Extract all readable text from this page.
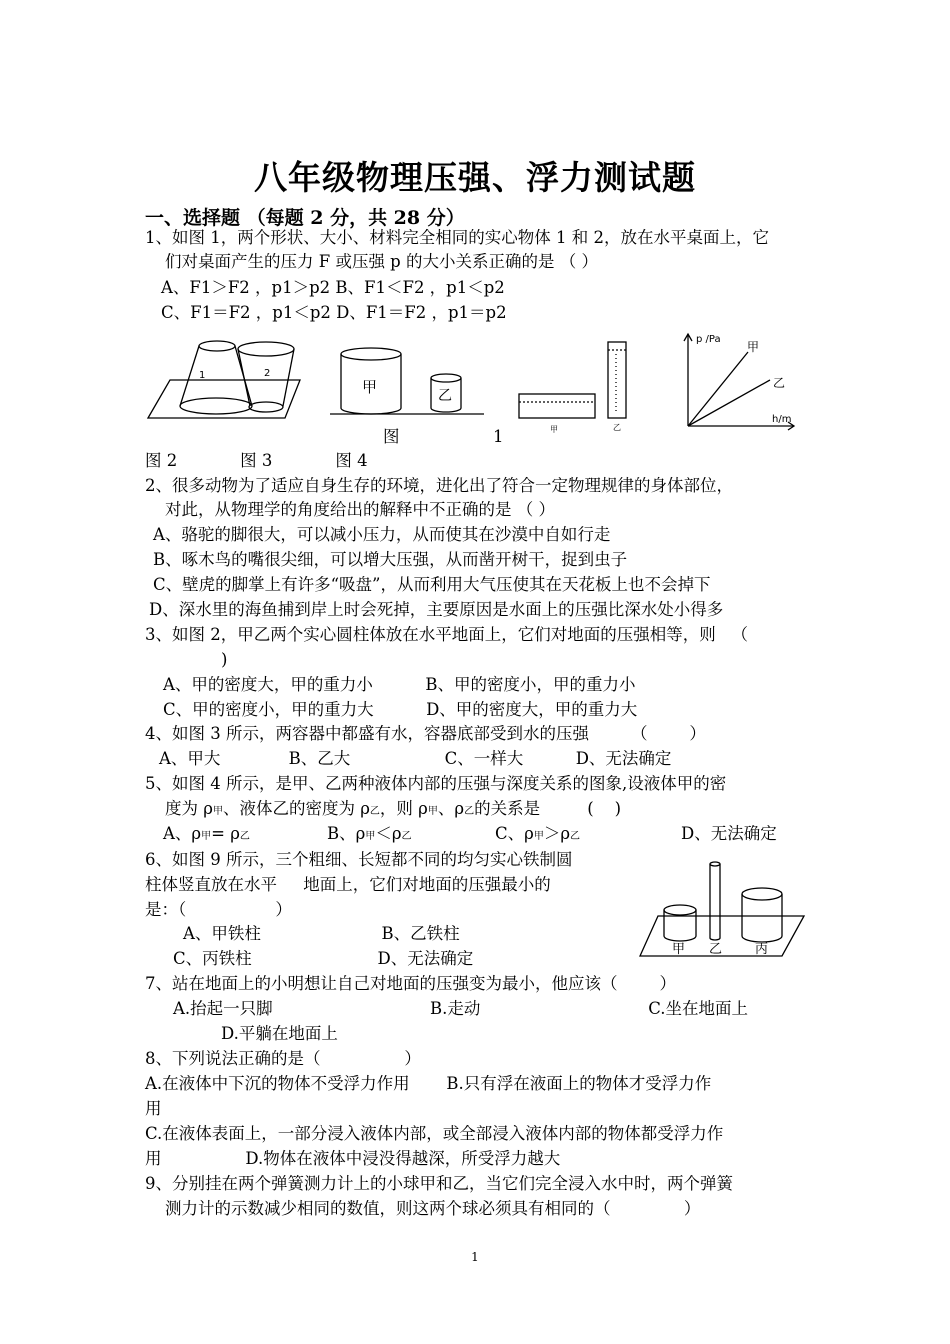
八年级物理压强、浮力测试题
一、选择题 （每题 2 分，共 28 分）
1、如图 1，两个形状、大小、材料完全相同的实心物体 1 和 2，放在水平桌面上，它
们对桌面产生的压力 F 或压强 p 的大小关系正确的是 （ ）
A、F1＞F2 ，p1＞p2 B、F1＜F2 ，p1＜p2
C、F1＝F2 ，p1＜p2 D、F1＝F2 ，p1＝p2
1	2
甲	乙
甲	乙
p /Pa
甲
乙
h/m
图	1
图 2            图 3            图 4
2、很多动物为了适应自身生存的环境，进化出了符合一定物理规律的身体部位，
对此，从物理学的角度给出的解释中不正确的是 （ ）
A、骆驼的脚很大，可以减小压力，从而使其在沙漠中自如行走
B、啄木鸟的嘴很尖细，可以增大压强，从而凿开树干，捉到虫子
C、壁虎的脚掌上有许多“吸盘”，从而利用大气压使其在天花板上也不会掉下
D、深水里的海鱼捕到岸上时会死掉，主要原因是水面上的压强比深水处小得多
3、如图 2，甲乙两个实心圆柱体放在水平地面上，它们对地面的压强相等，则   （
)
A、甲的密度大，甲的重力小          B、甲的密度小，甲的重力小
C、甲的密度小，甲的重力大          D、甲的密度大，甲的重力大
4、如图 3 所示，两容器中都盛有水，容器底部受到水的压强        （        ）
A、甲大             B、乙大                  C、一样大          D、无法确定
5、如图 4 所示，是甲、乙两种液体内部的压强与深度关系的图象,设液体甲的密
度为 ρ甲、液体乙的密度为 ρ乙，则 ρ甲、ρ乙的关系是         (    )
A、ρ甲= ρ乙	B、ρ甲＜ρ乙	C、ρ甲＞ρ乙	D、无法确定
6、如图 9 所示，三个粗细、长短都不同的均匀实心铁制圆
柱体竖直放在水平     地面上，它们对地面的压强最小的
是：（                 ）
A、甲铁柱                       B、乙铁柱
C、丙铁柱                        D、无法确定	甲 乙	丙
7、站在地面上的小明想让自己对地面的压强变为最小，他应该（        ）
A.抬起一只脚                              B.走动                                C.坐在地面上
D.平躺在地面上
8、下列说法正确的是（                ）
A.在液体中下沉的物体不受浮力作用       B.只有浮在液面上的物体才受浮力作
用
C.在液体表面上，一部分浸入液体内部，或全部浸入液体内部的物体都受浮力作
用                D.物体在液体中浸没得越深，所受浮力越大
9、分别挂在两个弹簧测力计上的小球甲和乙，当它们完全浸入水中时，两个弹簧
测力计的示数减少相同的数值，则这两个球必须具有相同的（              ）
1
